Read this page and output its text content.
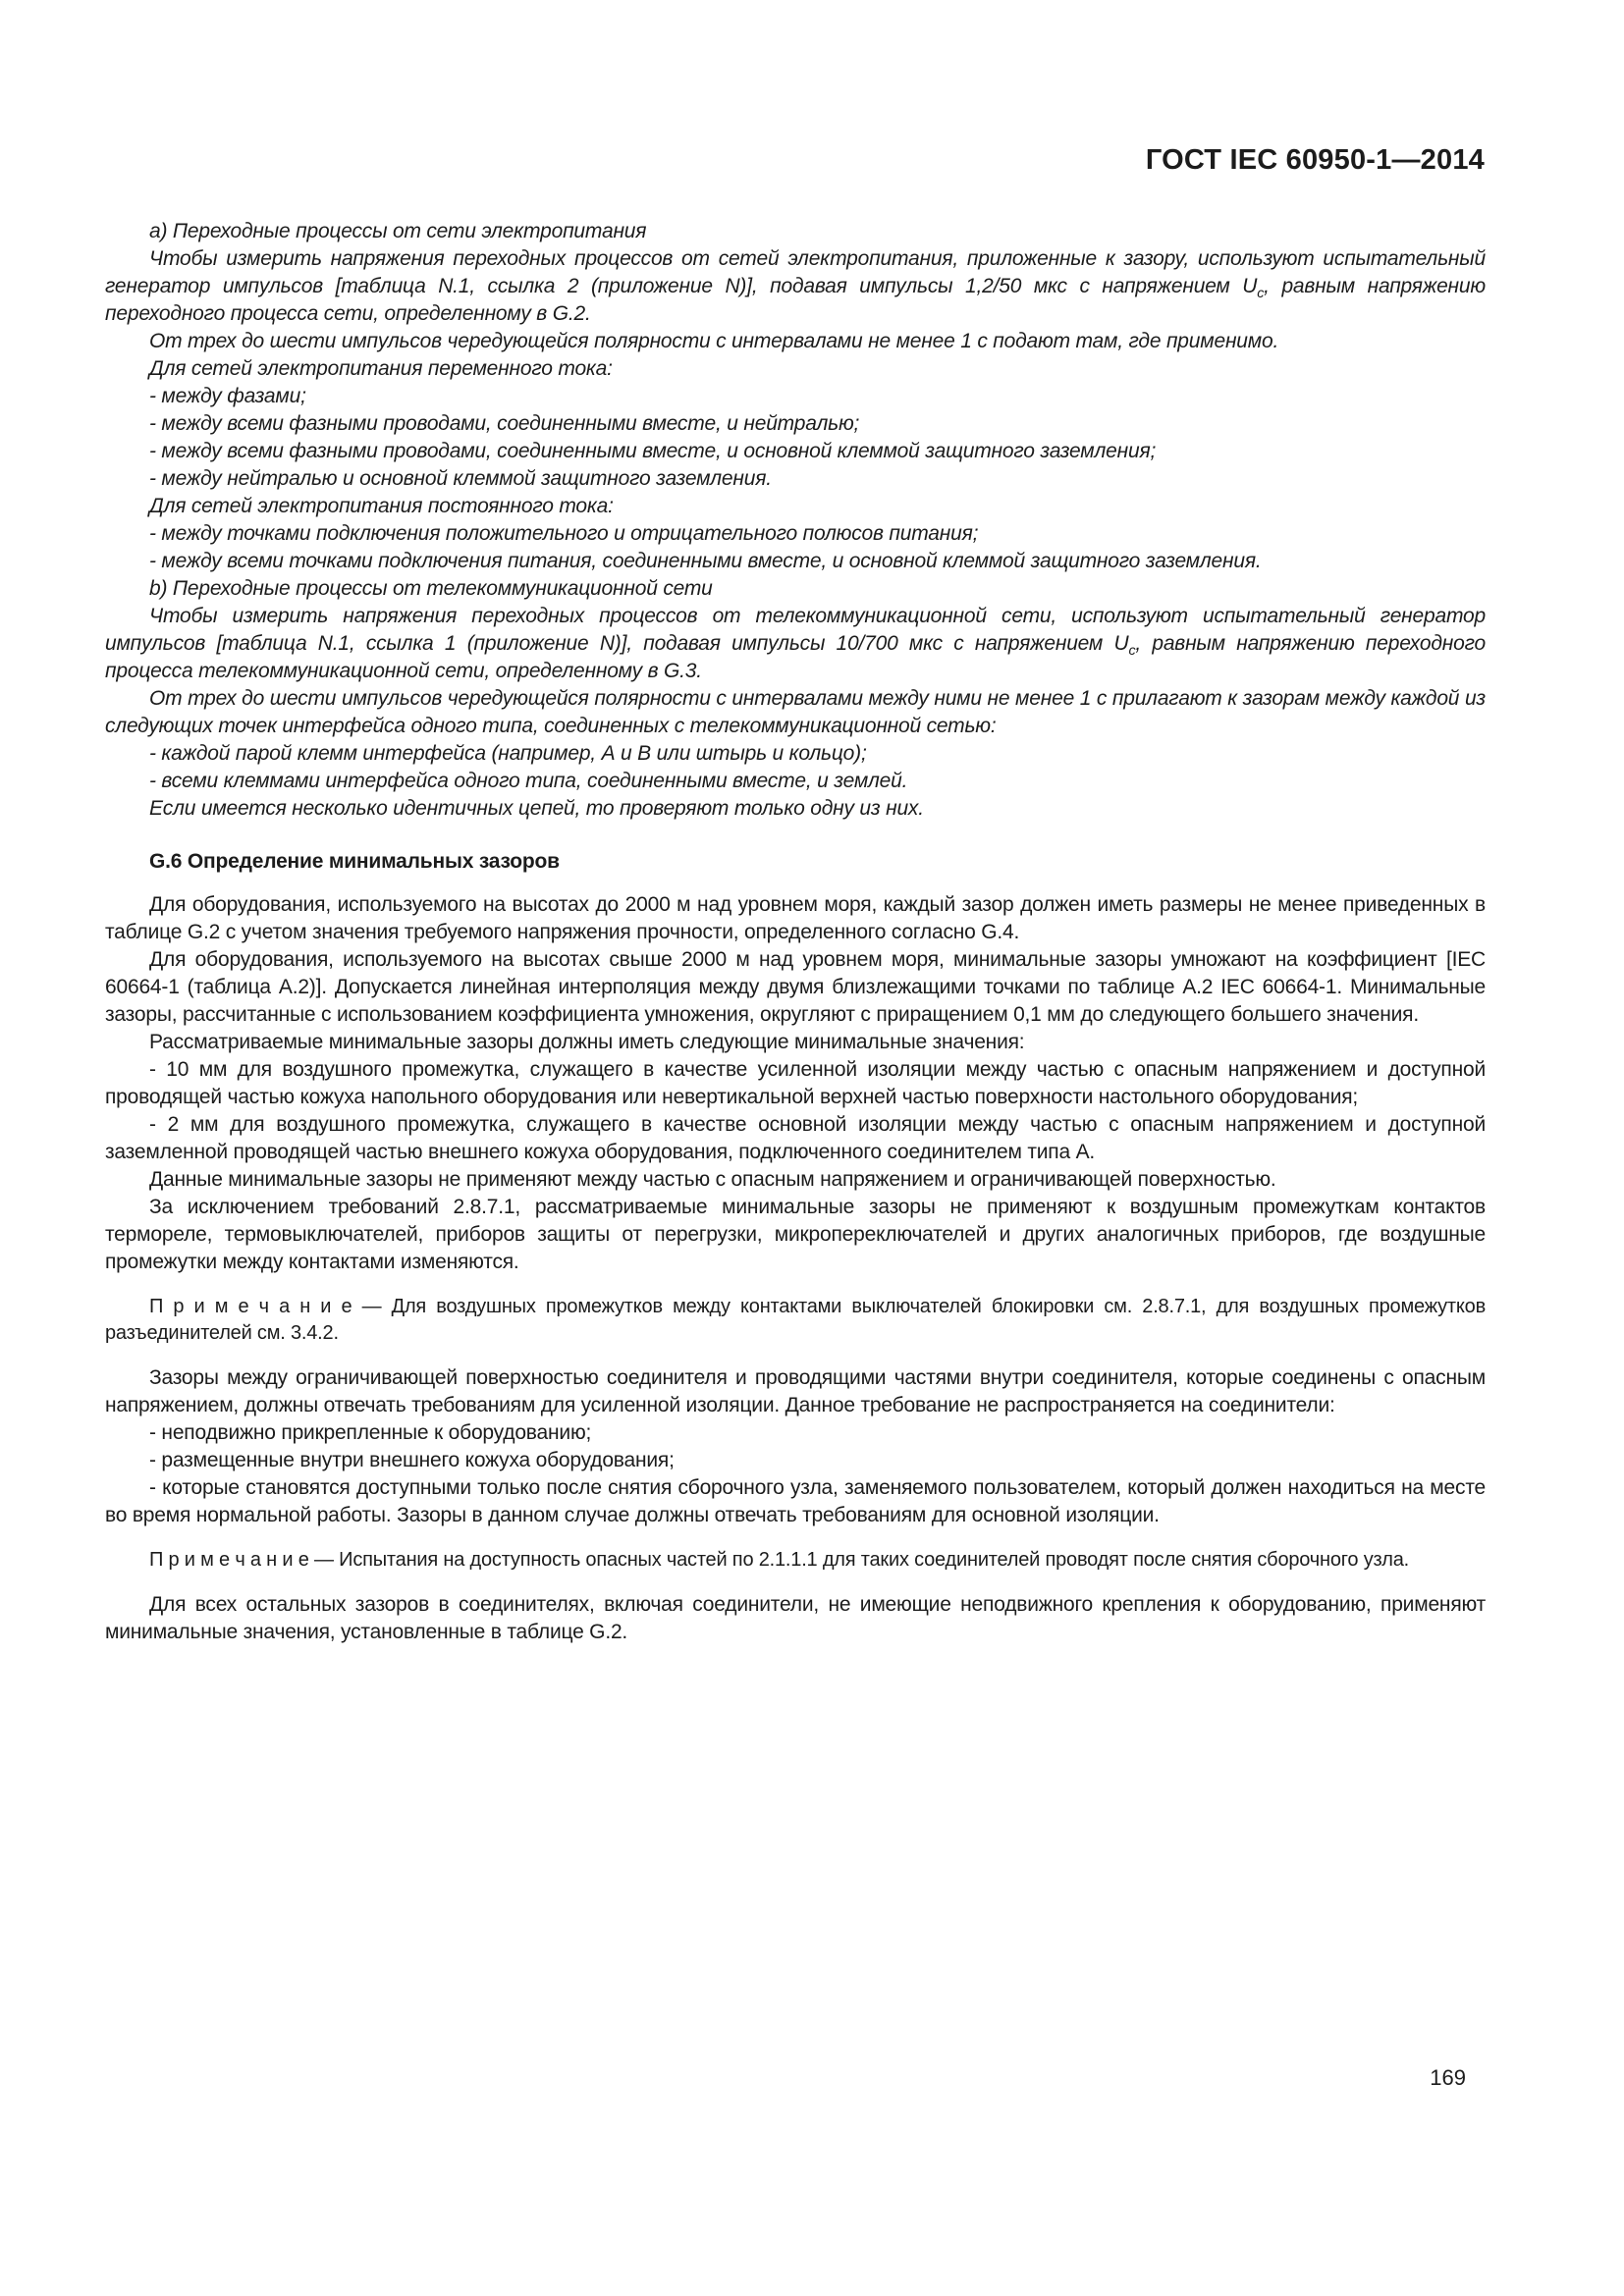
ГОСТ IEC 60950-1—2014

a) Переходные процессы от сети электропитания

Чтобы измерить напряжения переходных процессов от сетей электропитания, приложенные к зазору, используют испытательный генератор импульсов [таблица N.1, ссылка 2 (приложение N)], подавая импульсы 1,2/50 мкс с напряжением $U_с$, равным напряжению переходного процесса сети, определенному в G.2.

От трех до шести импульсов чередующейся полярности с интервалами не менее 1 с подают там, где применимо.

Для сетей электропитания переменного тока:

- между фазами;

- между всеми фазными проводами, соединенными вместе, и нейтралью;

- между всеми фазными проводами, соединенными вместе, и основной клеммой защитного заземления;

- между нейтралью и основной клеммой защитного заземления.

Для сетей электропитания постоянного тока:

- между точками подключения положительного и отрицательного полюсов питания;

- между всеми точками подключения питания, соединенными вместе, и основной клеммой защитного заземления.

b) Переходные процессы от телекоммуникационной сети

Чтобы измерить напряжения переходных процессов от телекоммуникационной сети, используют испытательный генератор импульсов [таблица N.1, ссылка 1 (приложение N)], подавая импульсы 10/700 мкс с напряжением $U_с$, равным напряжению переходного процесса телекоммуникационной сети, определенному в G.3.

От трех до шести импульсов чередующейся полярности с интервалами между ними не менее 1 с прилагают к зазорам между каждой из следующих точек интерфейса одного типа, соединенных с телекоммуникационной сетью:

- каждой парой клемм интерфейса (например, А и В или штырь и кольцо);

- всеми клеммами интерфейса одного типа, соединенными вместе, и землей.

Если имеется несколько идентичных цепей, то проверяют только одну из них.

G.6 Определение минимальных зазоров

Для оборудования, используемого на высотах до 2000 м над уровнем моря, каждый зазор должен иметь размеры не менее приведенных в таблице G.2 с учетом значения требуемого напряжения прочности, определенного согласно G.4.

Для оборудования, используемого на высотах свыше 2000 м над уровнем моря, минимальные зазоры умножают на коэффициент [IEC 60664-1 (таблица А.2)]. Допускается линейная интерполяция между двумя близлежащими точками по таблице А.2 IEC 60664-1. Минимальные зазоры, рассчитанные с использованием коэффициента умножения, округляют с приращением 0,1 мм до следующего большего значения.

Рассматриваемые минимальные зазоры должны иметь следующие минимальные значения:

- 10 мм для воздушного промежутка, служащего в качестве усиленной изоляции между частью с опасным напряжением и доступной проводящей частью кожуха напольного оборудования или невертикальной верхней частью поверхности настольного оборудования;

- 2 мм для воздушного промежутка, служащего в качестве основной изоляции между частью с опасным напряжением и доступной заземленной проводящей частью внешнего кожуха оборудования, подключенного соединителем типа А.

Данные минимальные зазоры не применяют между частью с опасным напряжением и ограничивающей поверхностью.

За исключением требований 2.8.7.1, рассматриваемые минимальные зазоры не применяют к воздушным промежуткам контактов термореле, термовыключателей, приборов защиты от перегрузки, микропереключателей и других аналогичных приборов, где воздушные промежутки между контактами изменяются.

П р и м е ч а н и е — Для воздушных промежутков между контактами выключателей блокировки см. 2.8.7.1, для воздушных промежутков разъединителей см. 3.4.2.

Зазоры между ограничивающей поверхностью соединителя и проводящими частями внутри соединителя, которые соединены с опасным напряжением, должны отвечать требованиям для усиленной изоляции. Данное требование не распространяется на соединители:

- неподвижно прикрепленные к оборудованию;

- размещенные внутри внешнего кожуха оборудования;

- которые становятся доступными только после снятия сборочного узла, заменяемого пользователем, который должен находиться на месте во время нормальной работы. Зазоры в данном случае должны отвечать требованиям для основной изоляции.

П р и м е ч а н и е — Испытания на доступность опасных частей по 2.1.1.1 для таких соединителей проводят после снятия сборочного узла.

Для всех остальных зазоров в соединителях, включая соединители, не имеющие неподвижного крепления к оборудованию, применяют минимальные значения, установленные в таблице G.2.

169
